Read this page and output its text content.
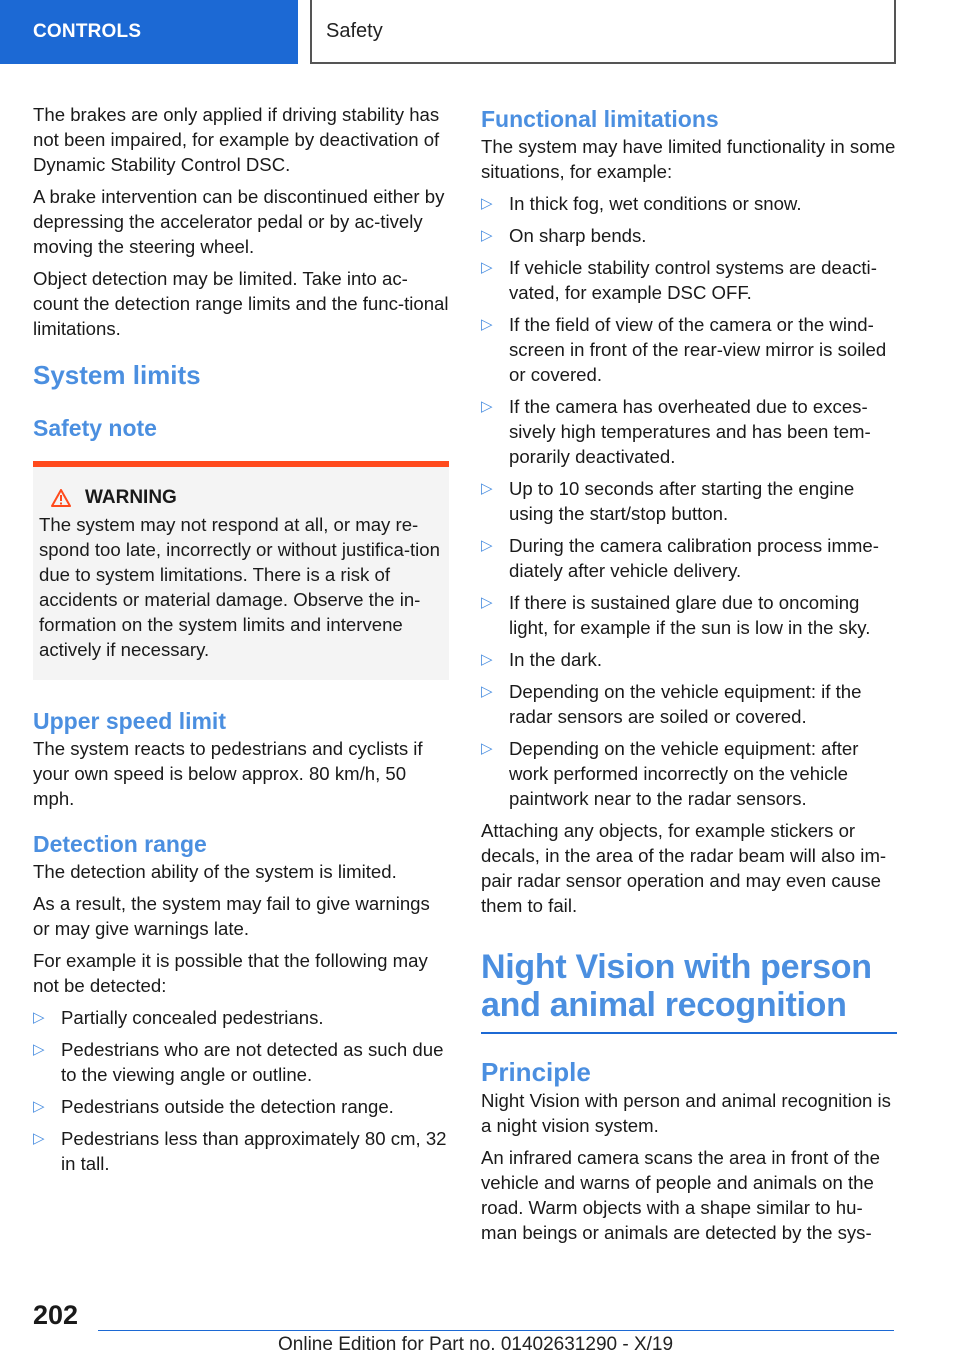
CONTROLS	Safety

The brakes are only applied if driving stability has not been impaired, for example by deactivation of Dynamic Stability Control DSC.

A brake intervention can be discontinued either by depressing the accelerator pedal or by ac‐tively moving the steering wheel.

Object detection may be limited. Take into ac‐count the detection range limits and the func‐tional limitations.

System limits
Safety note
WARNING
The system may not respond at all, or may re‐spond too late, incorrectly or without justifica‐tion due to system limitations. There is a risk of accidents or material damage. Observe the in‐formation on the system limits and intervene actively if necessary.
Upper speed limit

The system reacts to pedestrians and cyclists if your own speed is below approx. 80 km/h, 50 mph.

Detection range

The detection ability of the system is limited.

As a result, the system may fail to give warnings or may give warnings late.

For example it is possible that the following may not be detected:

▷ Partially concealed pedestrians.
▷ Pedestrians who are not detected as such due to the viewing angle or outline.
▷ Pedestrians outside the detection range.
▷ Pedestrians less than approximately 80 cm, 32 in tall.
Functional limitations

The system may have limited functionality in some situations, for example:

▷ In thick fog, wet conditions or snow.
▷ On sharp bends.
▷ If vehicle stability control systems are deacti‐vated, for example DSC OFF.
▷ If the field of view of the camera or the wind‐screen in front of the rear-view mirror is soiled or covered.
▷ If the camera has overheated due to exces‐sively high temperatures and has been tem‐porarily deactivated.
▷ Up to 10 seconds after starting the engine using the start/stop button.
▷ During the camera calibration process imme‐diately after vehicle delivery.
▷ If there is sustained glare due to oncoming light, for example if the sun is low in the sky.
▷ In the dark.
▷ Depending on the vehicle equipment: if the radar sensors are soiled or covered.
▷ Depending on the vehicle equipment: after work performed incorrectly on the vehicle paintwork near to the radar sensors.

Attaching any objects, for example stickers or decals, in the area of the radar beam will also im‐pair radar sensor operation and may even cause them to fail.

Night Vision with person and animal recognition
Principle

Night Vision with person and animal recognition is a night vision system.

An infrared camera scans the area in front of the vehicle and warns of people and animals on the road. Warm objects with a shape similar to hu‐man beings or animals are detected by the sys‐

202
Online Edition for Part no. 01402631290 - X/19
